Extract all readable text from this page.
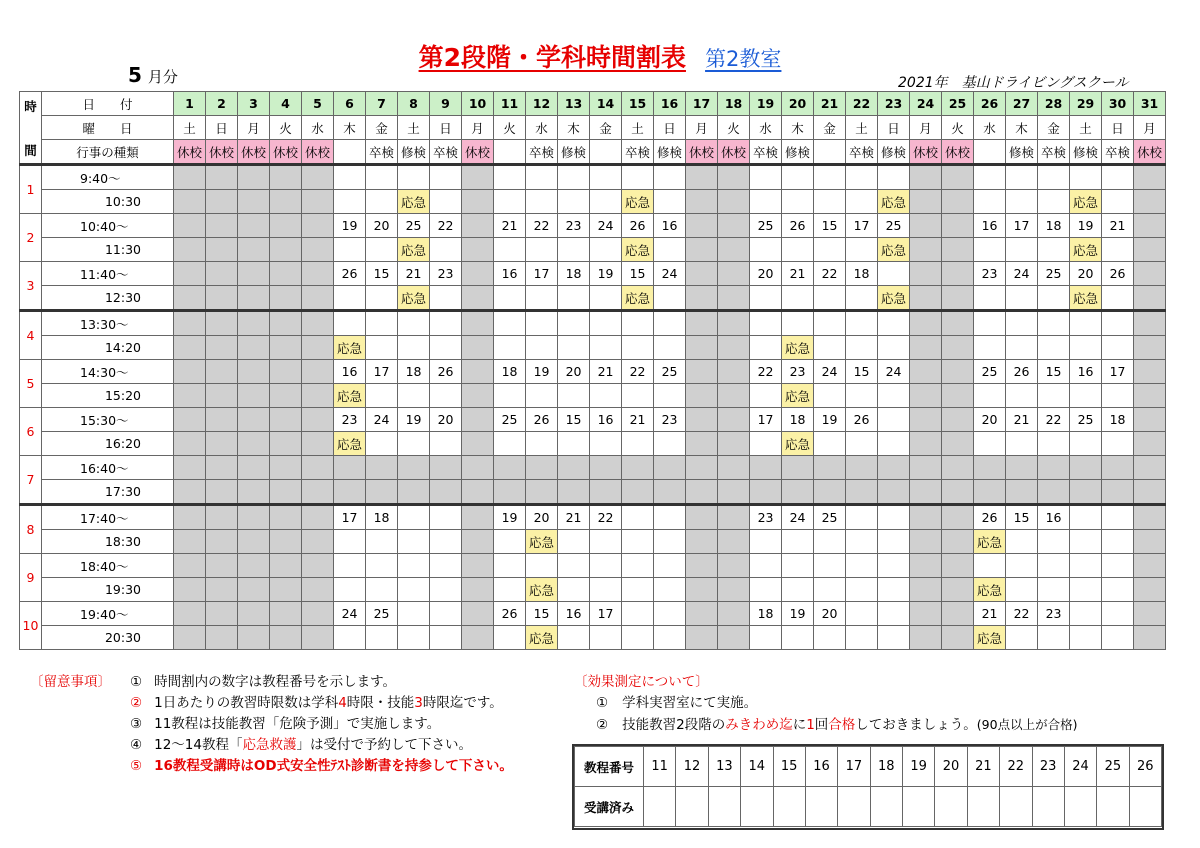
第2段階・学科時間割表 第2教室
5 月分	2021年　基山ドライビングスクール
時
間	日　　付	1	2	3	4	5	6	7	8	9	10	11	12	13	14	15	16	17	18	19	20	21	22	23	24	25	26	27	28	29	30	31
	曜　　日	土	日	月	火	水	木	金	土	日	月	火	水	木	金	土	日	月	火	水	木	金	土	日	月	火	水	木	金	土	日	月
	行事の種類	休校	休校	休校	休校	休校		卒検	修検	卒検	休校		卒検	修検		卒検	修検	休校	休校	卒検	修検		卒検	修検	休校	休校		修検	卒検	修検	卒検	休校
1	9:40〜																															
	10:30								応急							応急								応急						応急		
2	10:40〜						19	20	25	22		21	22	23	24	26	16			25	26	15	17	25			16	17	18	19	21	
	11:30								応急							応急								応急						応急		
3	11:40〜						26	15	21	23		16	17	18	19	15	24			20	21	22	18				23	24	25	20	26	
	12:30								応急							応急								応急						応急		
4	13:30〜																															
	14:20						応急														応急											
5	14:30〜						16	17	18	26		18	19	20	21	22	25			22	23	24	15	24			25	26	15	16	17	
	15:20						応急														応急											
6	15:30〜						23	24	19	20		25	26	15	16	21	23			17	18	19	26				20	21	22	25	18	
	16:20						応急														応急											
7	16:40〜																															
	17:30																															
8	17:40〜						17	18				19	20	21	22					23	24	25					26	15	16			
	18:30												応急														応急					
9	18:40〜																															
	19:30												応急														応急					
10	19:40〜						24	25				26	15	16	17					18	19	20					21	22	23			
	20:30												応急														応急					
〔留意事項〕	① 時間割内の数字は教程番号を示します。
② 1日あたりの教習時限数は学科4時限・技能3時限迄です。
③ 11教程は技能教習「危険予測」で実施します。
④ 12〜14教程「応急救護」は受付で予約して下さい。
⑤ 16教程受講時はOD式安全性ﾃｽﾄ診断書を持参して下さい。
〔効果測定について〕
① 学科実習室にて実施。
② 技能教習2段階のみきわめ迄に1回合格しておきましょう。(90点以上が合格)
教程番号	11	12	13	14	15	16	17	18	19	20	21	22	23	24	25	26
受講済み																
